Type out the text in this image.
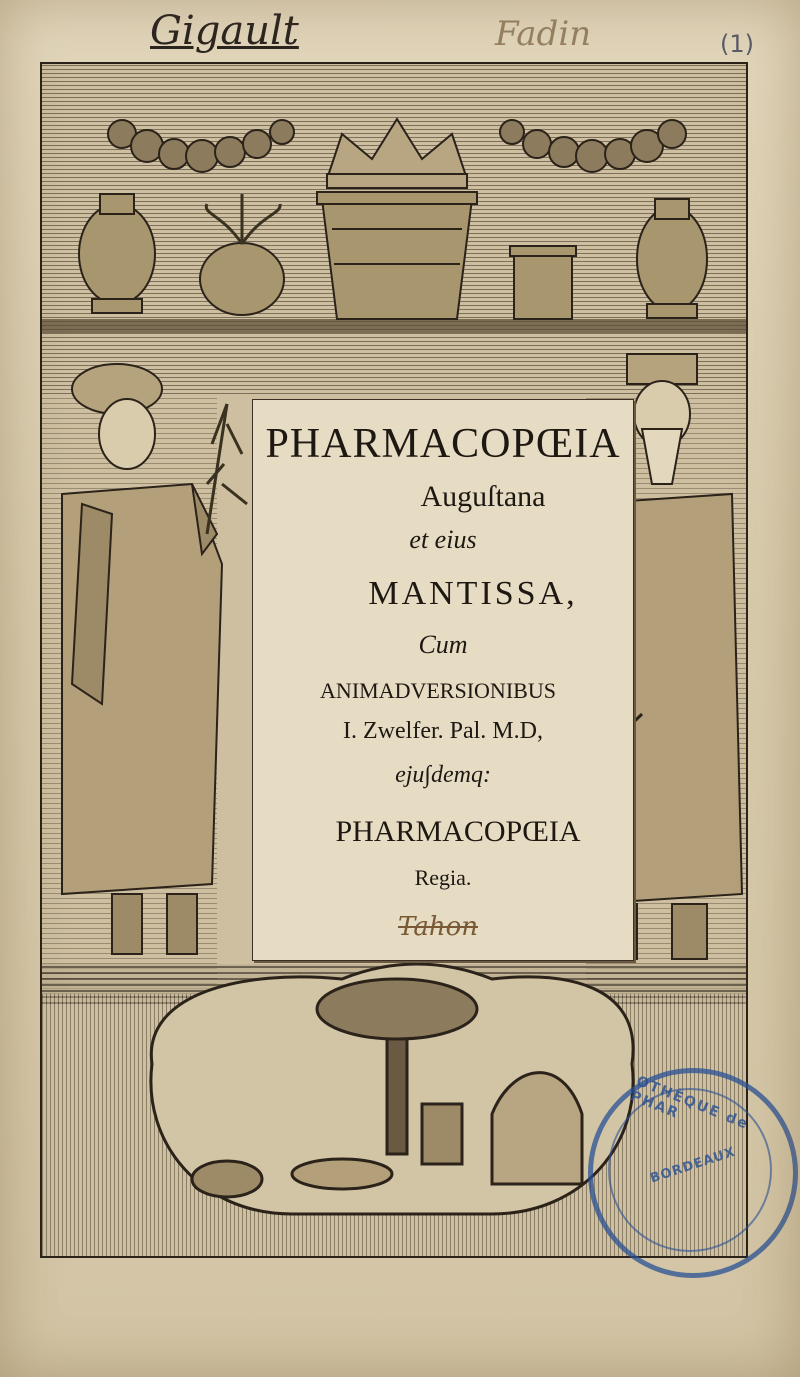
Gigault	Fadin	(1)
PHARMACOPŒIA
Auguſtana
et eius
MANTISSA,
Cum
ANIMADVERSIONIBUS
I. Zwelfer. Pal. M.D,
eju∫demq:
PHARMACOPŒIA
Regia.
Tahon
OTHÈQUE de PHAR
BORDEAUX
